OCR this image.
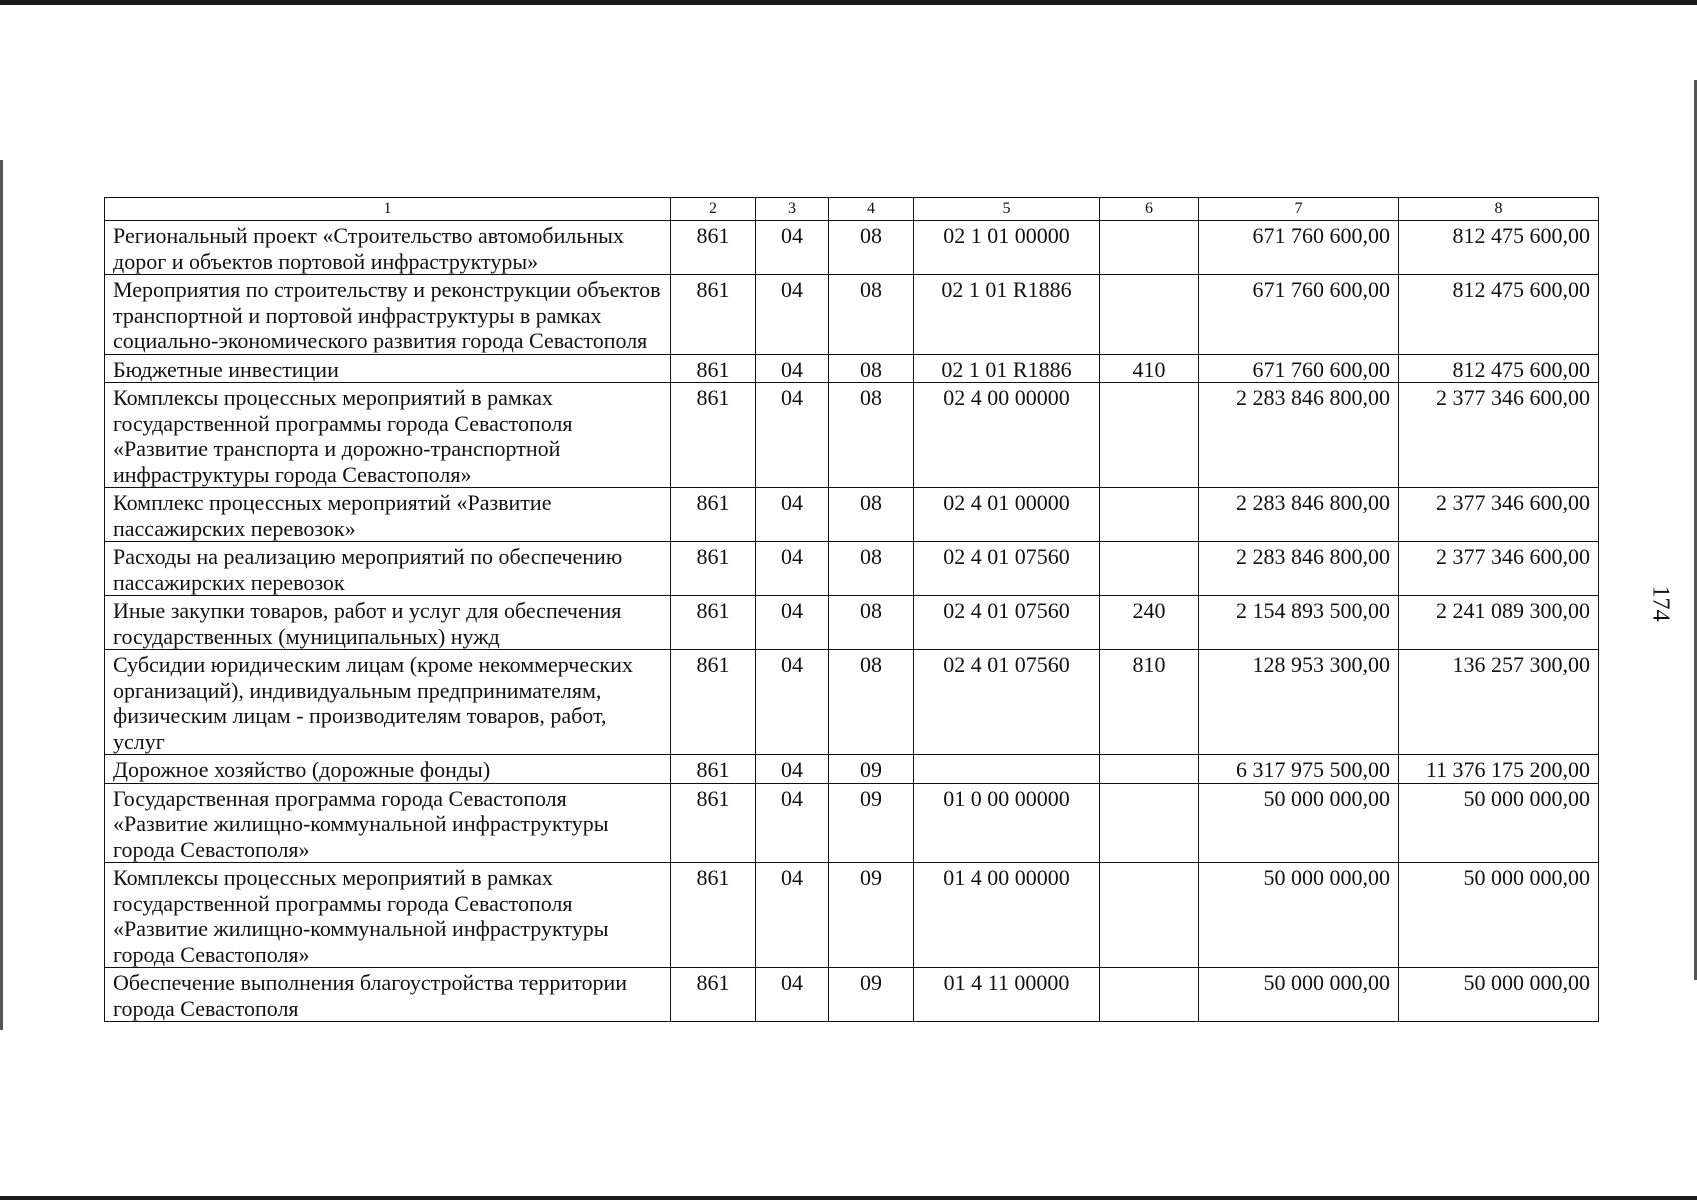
174
1	2	3	4	5	6	7	8
Региональный проект «Строительство автомобильных дорог и объектов портовой инфраструктуры»	861	04	08	02 1 01 00000		671 760 600,00	812 475 600,00
Мероприятия по строительству и реконструкции объектов транспортной и портовой инфраструктуры в рамках социально-экономического развития города Севастополя	861	04	08	02 1 01 R1886		671 760 600,00	812 475 600,00
Бюджетные инвестиции	861	04	08	02 1 01 R1886	410	671 760 600,00	812 475 600,00
Комплексы процессных мероприятий в рамках государственной программы города Севастополя «Развитие транспорта и дорожно-транспортной инфраструктуры города Севастополя»	861	04	08	02 4 00 00000		2 283 846 800,00	2 377 346 600,00
Комплекс процессных мероприятий «Развитие пассажирских перевозок»	861	04	08	02 4 01 00000		2 283 846 800,00	2 377 346 600,00
Расходы на реализацию мероприятий по обеспечению пассажирских перевозок	861	04	08	02 4 01 07560		2 283 846 800,00	2 377 346 600,00
Иные закупки товаров, работ и услуг для обеспечения государственных (муниципальных) нужд	861	04	08	02 4 01 07560	240	2 154 893 500,00	2 241 089 300,00
Субсидии юридическим лицам (кроме некоммерческих организаций), индивидуальным предпринимателям, физическим лицам - производителям товаров, работ, услуг	861	04	08	02 4 01 07560	810	128 953 300,00	136 257 300,00
Дорожное хозяйство (дорожные фонды)	861	04	09			6 317 975 500,00	11 376 175 200,00
Государственная программа города Севастополя «Развитие жилищно-коммунальной инфраструктуры города Севастополя»	861	04	09	01 0 00 00000		50 000 000,00	50 000 000,00
Комплексы процессных мероприятий в рамках государственной программы города Севастополя «Развитие жилищно-коммунальной инфраструктуры города Севастополя»	861	04	09	01 4 00 00000		50 000 000,00	50 000 000,00
Обеспечение выполнения благоустройства территории города Севастополя	861	04	09	01 4 11 00000		50 000 000,00	50 000 000,00
